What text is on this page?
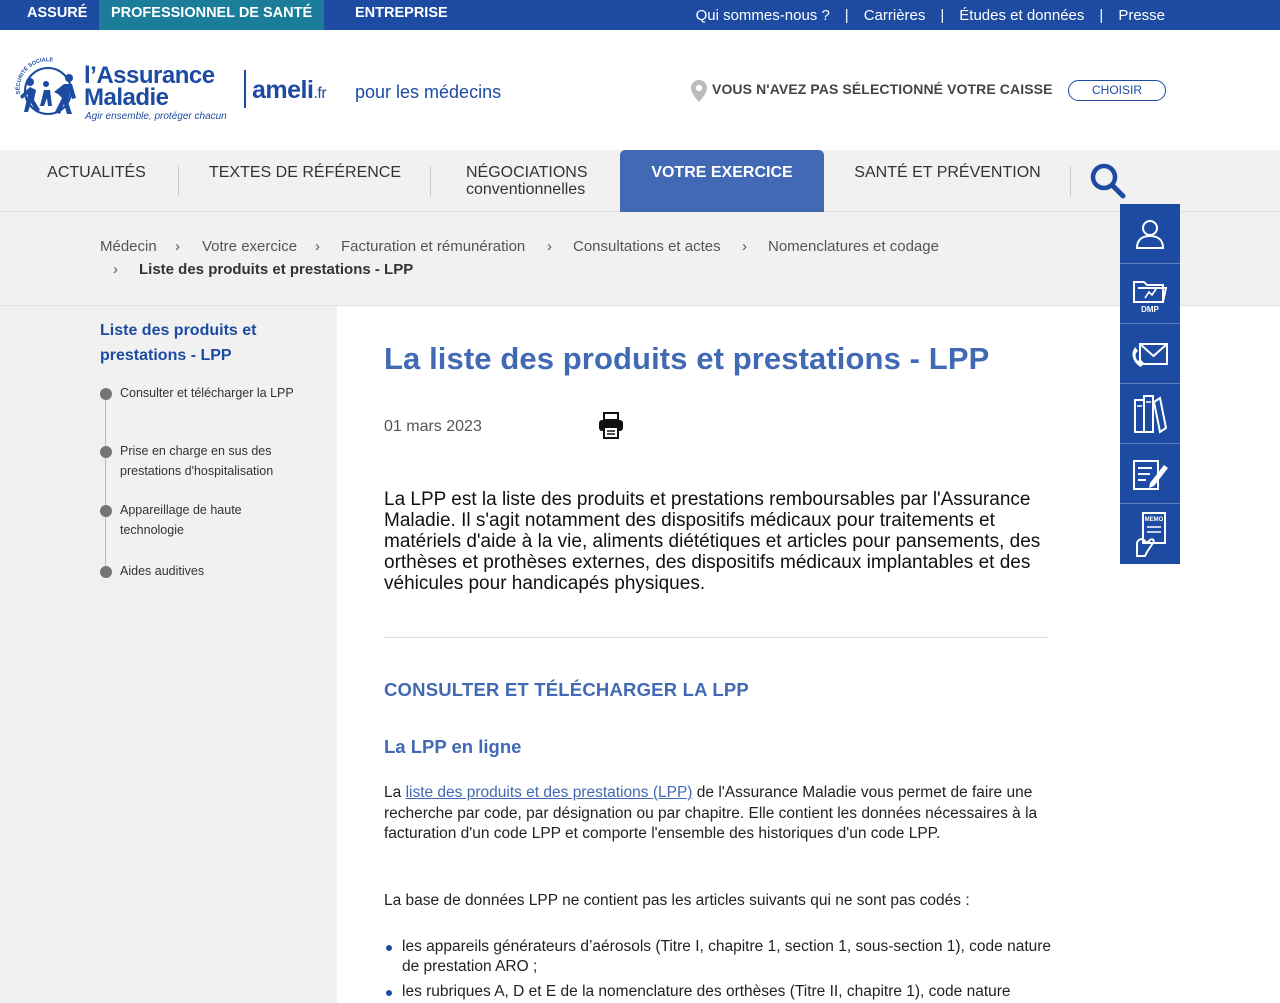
ASSURÉ	PROFESSIONNEL DE SANTÉ	ENTREPRISE	Qui sommes-nous ? | Carrières | Études et données | Presse
SÉCURITÉ SOCIALE
l’Assurance
Maladie
Agir ensemble, protéger chacun
ameli.fr pour les médecins	VOUS N'AVEZ PAS SÉLECTIONNÉ VOTRE CAISSE	CHOISIR
ACTUALITÉS	TEXTES DE RÉFÉRENCE	NÉGOCIATIONS
conventionnelles
VOTRE EXERCICE	SANTÉ ET PRÉVENTION
Médecin › Votre exercice › Facturation et rémunération › Consultations et actes › Nomenclatures et codage
› Liste des produits et prestations - LPP
Liste des produits et prestations - LPP
Consulter et télécharger la LPP
Prise en charge en sus des prestations d'hospitalisation
Appareillage de haute technologie
Aides auditives
La liste des produits et prestations - LPP
01 mars 2023

La LPP est la liste des produits et prestations remboursables par l'Assurance Maladie. Il s'agit notamment des dispositifs médicaux pour traitements et matériels d'aide à la vie, aliments diététiques et articles pour pansements, des orthèses et prothèses externes, des dispositifs médicaux implantables et des véhicules pour handicapés physiques.

CONSULTER ET TÉLÉCHARGER LA LPP
La LPP en ligne

La liste des produits et des prestations (LPP) de l'Assurance Maladie vous permet de faire une recherche par code, par désignation ou par chapitre. Elle contient les données nécessaires à la facturation d'un code LPP et comporte l'ensemble des historiques d'un code LPP.

La base de données LPP ne contient pas les articles suivants qui ne sont pas codés :

les appareils générateurs d’aérosols (Titre I, chapitre 1, section 1, sous-section 1), code nature de prestation ARO ;
les rubriques A, D et E de la nomenclature des orthèses (Titre II, chapitre 1), code nature
DMP
MEMO
